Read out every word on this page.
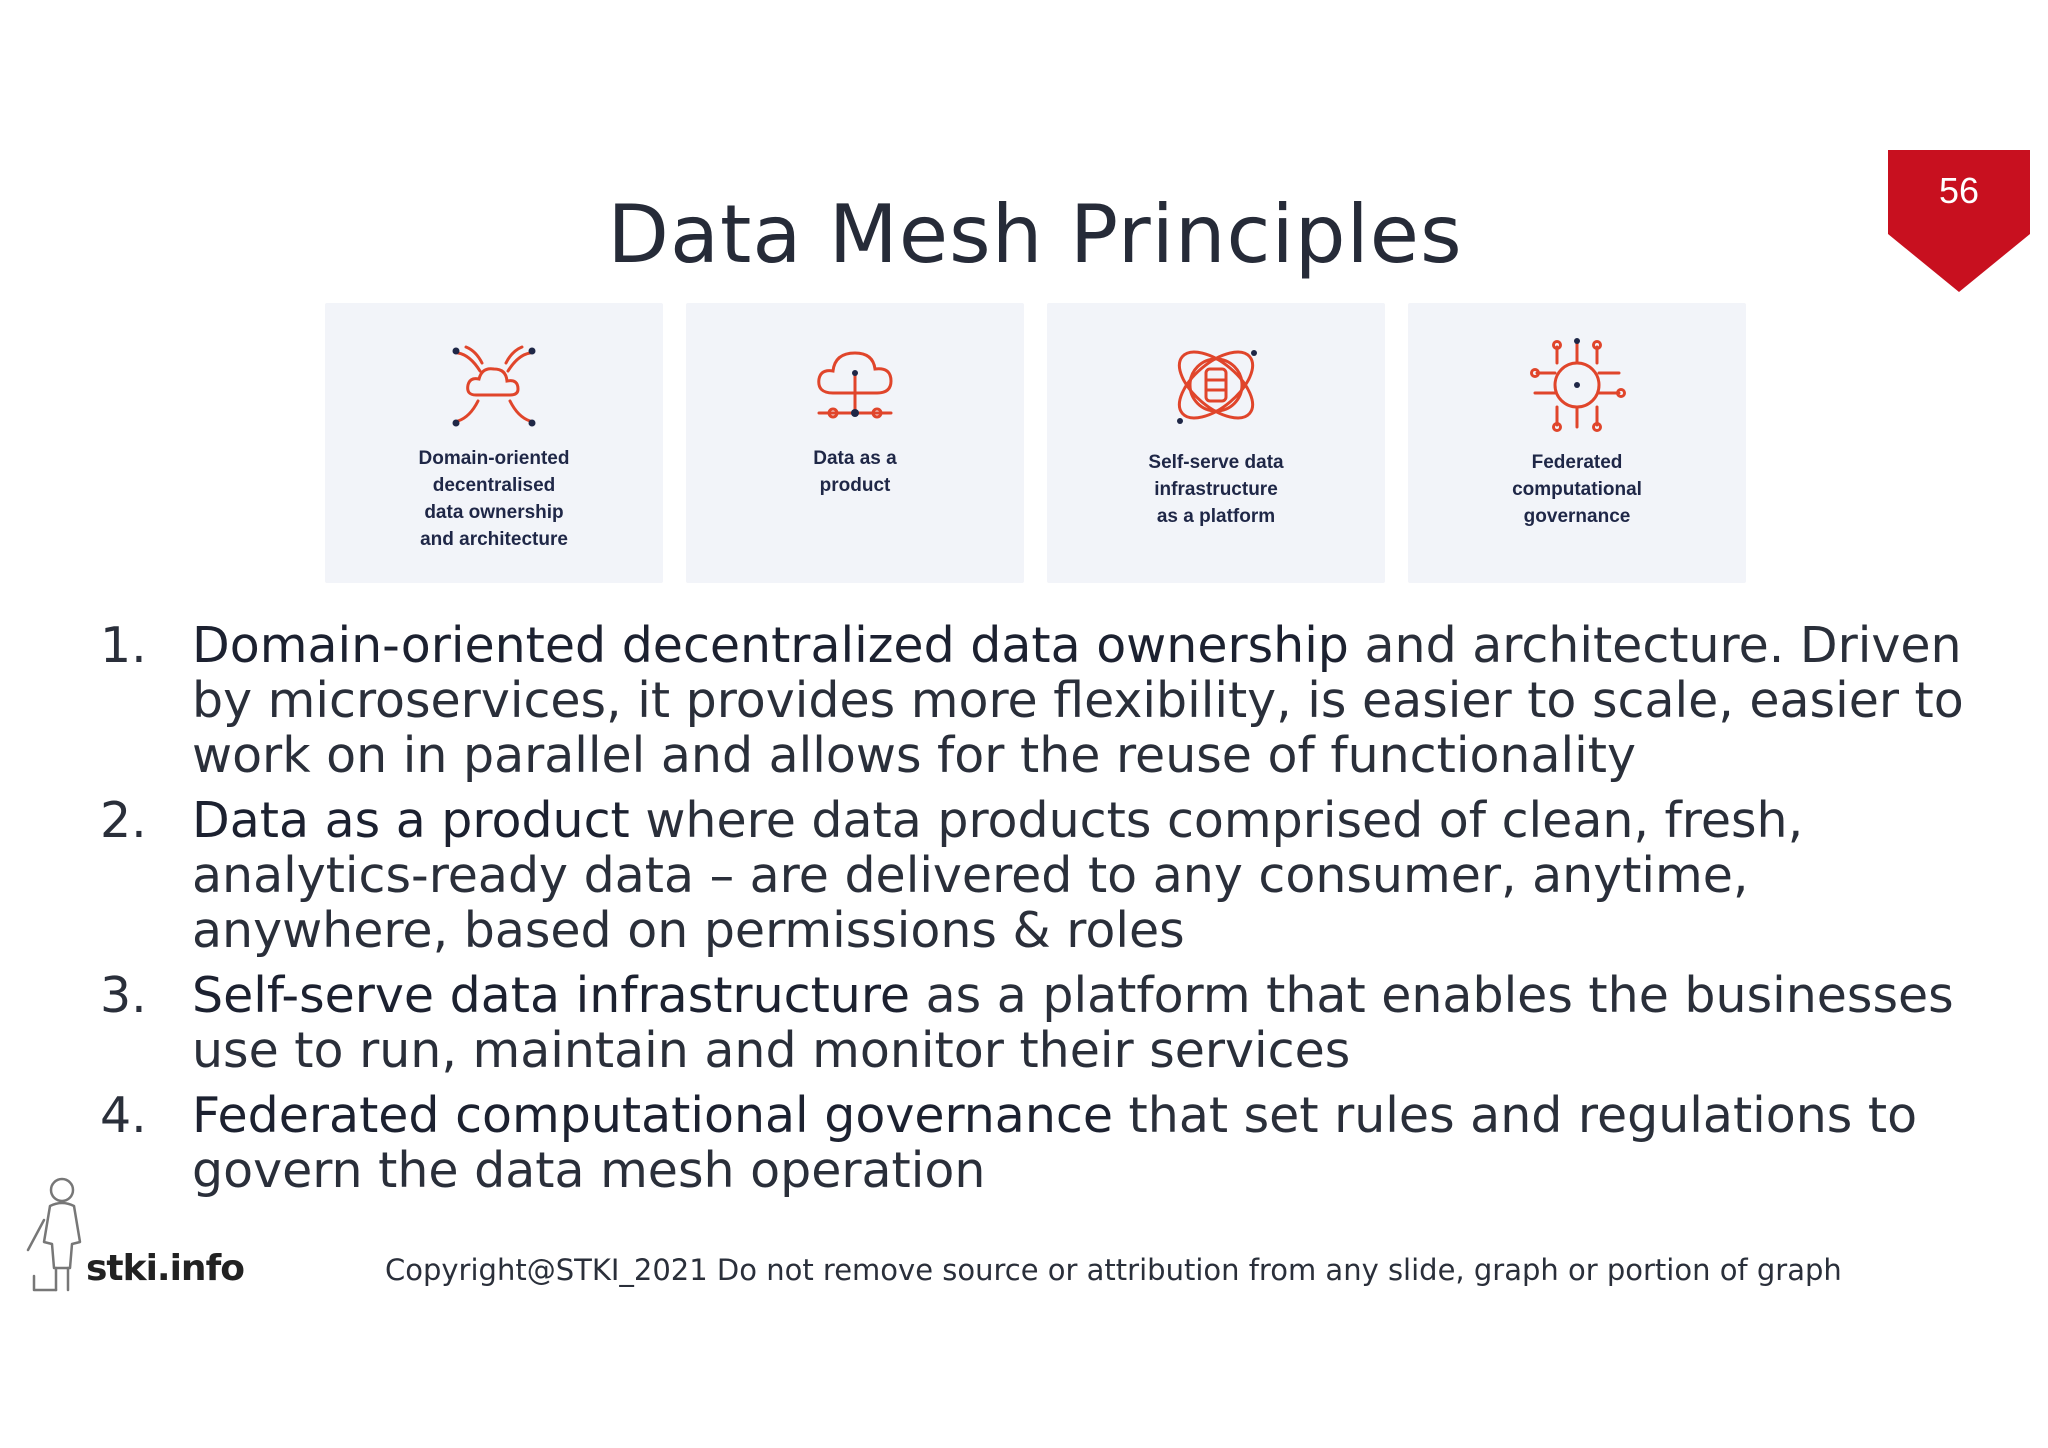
56
Data Mesh Principles
Domain-oriented
decentralised
data ownership
and architecture
Data as a
product
Self-serve data
infrastructure
as a platform
Federated
computational
governance
1. Domain-oriented decentralized data ownership and architecture. Driven by microservices, it provides more flexibility, is easier to scale, easier to work on in parallel and allows for the reuse of functionality
2. Data as a product where data products comprised of clean, fresh, analytics-ready data – are delivered to any consumer, anytime, anywhere, based on permissions & roles
3. Self-serve data infrastructure as a platform that enables the businesses use to run, maintain and monitor their services
4. Federated computational governance that set rules and regulations to govern the data mesh operation
stki.info	Copyright@STKI_2021 Do not remove source or attribution from any slide, graph or portion of graph
